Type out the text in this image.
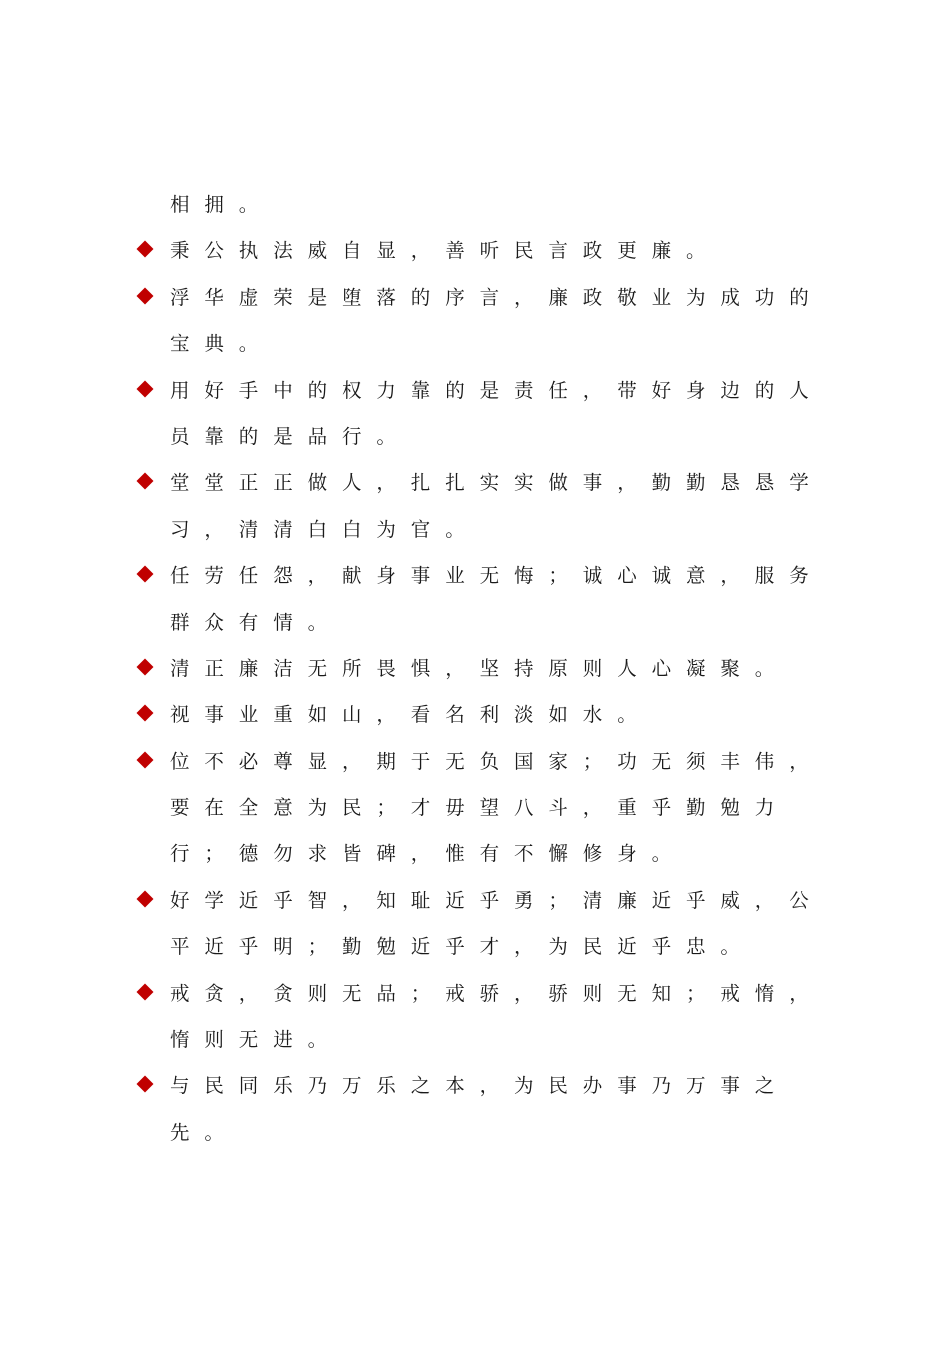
相拥。
秉公执法威自显，善听民言政更廉。
浮华虚荣是堕落的序言，廉政敬业为成功的
宝典。
用好手中的权力靠的是责任，带好身边的人
员靠的是品行。
堂堂正正做人，扎扎实实做事，勤勤恳恳学
习，清清白白为官。
任劳任怨，献身事业无悔；诚心诚意，服务
群众有情。
清正廉洁无所畏惧，坚持原则人心凝聚。
视事业重如山，看名利淡如水。
位不必尊显，期于无负国家；功无须丰伟，
要在全意为民；才毋望八斗，重乎勤勉力
行；德勿求皆碑，惟有不懈修身。
好学近乎智，知耻近乎勇；清廉近乎威，公
平近乎明；勤勉近乎才，为民近乎忠。
戒贪，贪则无品；戒骄，骄则无知；戒惰，
惰则无进。
与民同乐乃万乐之本，为民办事乃万事之
先。
